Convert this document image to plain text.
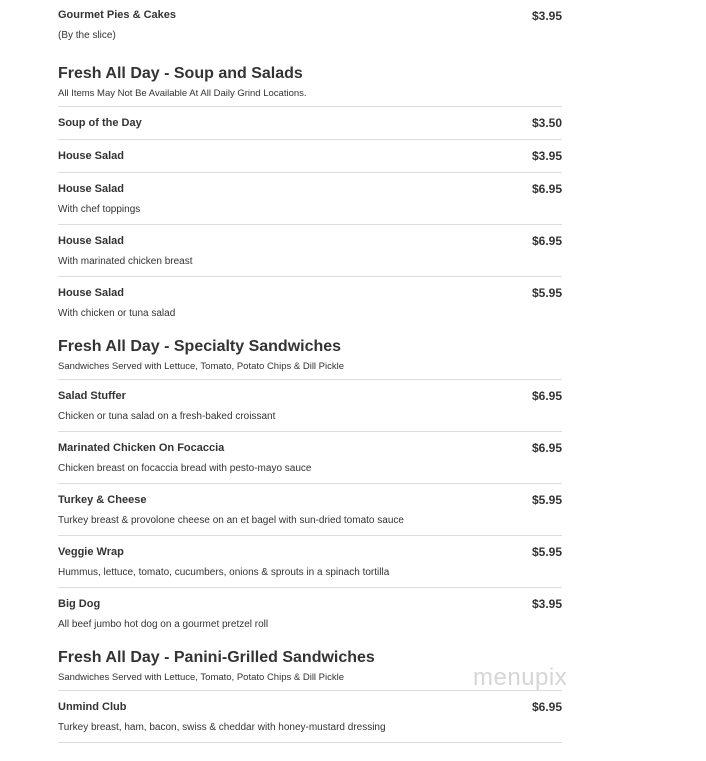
Gourmet Pies & Cakes
(By the slice)
$3.95
Fresh All Day - Soup and Salads
All Items May Not Be Available At All Daily Grind Locations.
Soup of the Day	$3.50
House Salad	$3.95
House Salad
With chef toppings
$6.95
House Salad
With marinated chicken breast
$6.95
House Salad
With chicken or tuna salad
$5.95
Fresh All Day - Specialty Sandwiches
Sandwiches Served with Lettuce, Tomato, Potato Chips & Dill Pickle
Salad Stuffer
Chicken or tuna salad on a fresh-baked croissant
$6.95
Marinated Chicken On Focaccia
Chicken breast on focaccia bread with pesto-mayo sauce
$6.95
Turkey & Cheese
Turkey breast & provolone cheese on an et bagel with sun-dried tomato sauce
$5.95
Veggie Wrap
Hummus, lettuce, tomato, cucumbers, onions & sprouts in a spinach tortilla
$5.95
Big Dog
All beef jumbo hot dog on a gourmet pretzel roll
$3.95
Fresh All Day - Panini-Grilled Sandwiches
Sandwiches Served with Lettuce, Tomato, Potato Chips & Dill Pickle
Unmind Club
Turkey breast, ham, bacon, swiss & cheddar with honey-mustard dressing
$6.95
menupix
